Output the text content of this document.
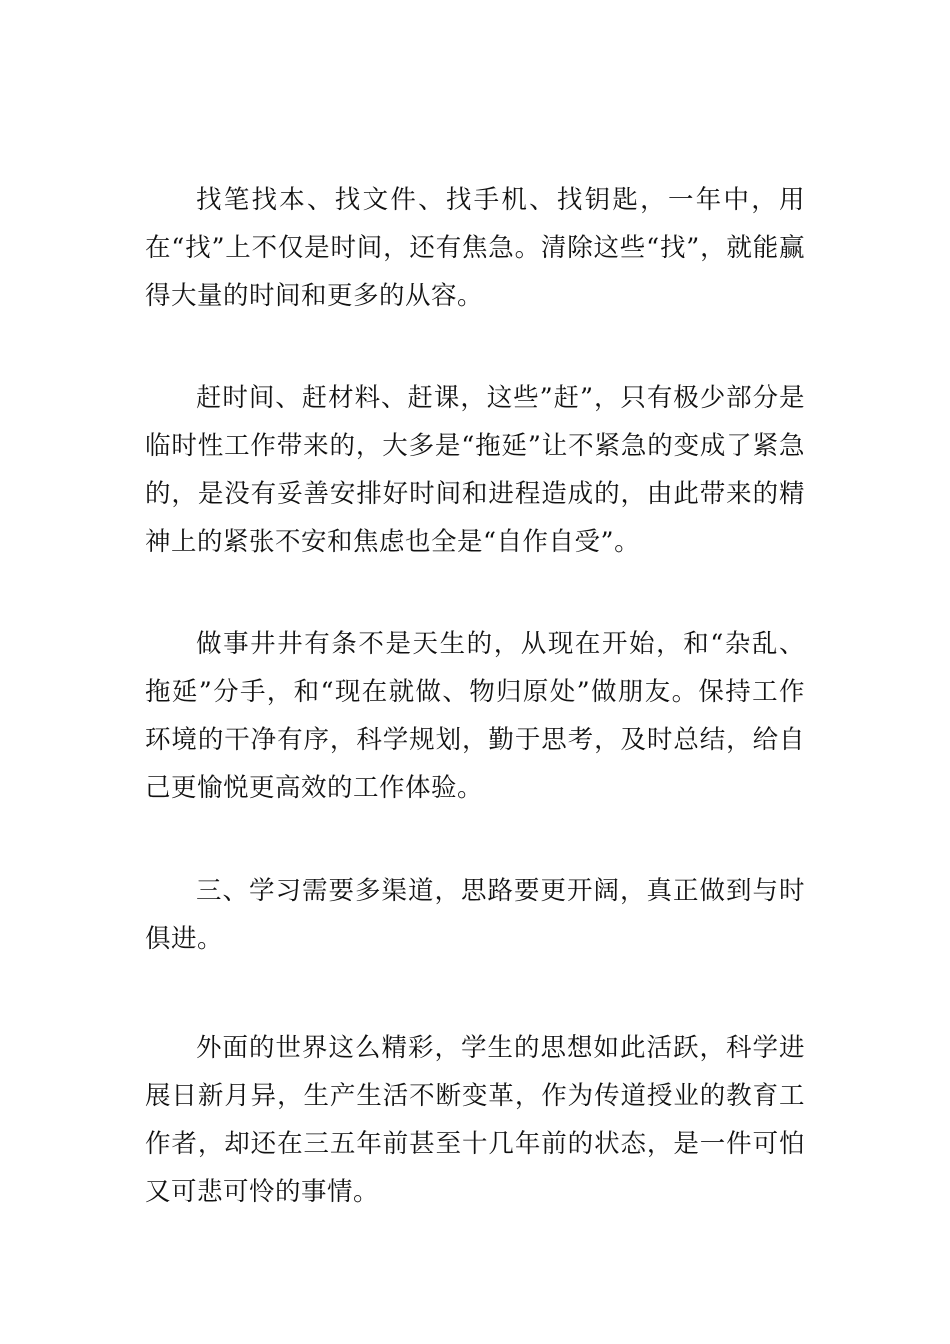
找笔找本、找文件、找手机、找钥匙，一年中，用在“找”上不仅是时间，还有焦急。清除这些“找”，就能赢得大量的时间和更多的从容。

赶时间、赶材料、赶课，这些”赶”，只有极少部分是临时性工作带来的，大多是“拖延”让不紧急的变成了紧急的，是没有妥善安排好时间和进程造成的，由此带来的精神上的紧张不安和焦虑也全是“自作自受”。

做事井井有条不是天生的，从现在开始，和“杂乱、拖延”分手，和“现在就做、物归原处”做朋友。保持工作环境的干净有序，科学规划，勤于思考，及时总结，给自己更愉悦更高效的工作体验。

三、学习需要多渠道，思路要更开阔，真正做到与时俱进。

外面的世界这么精彩，学生的思想如此活跃，科学进展日新月异，生产生活不断变革，作为传道授业的教育工作者，却还在三五年前甚至十几年前的状态，是一件可怕又可悲可怜的事情。
